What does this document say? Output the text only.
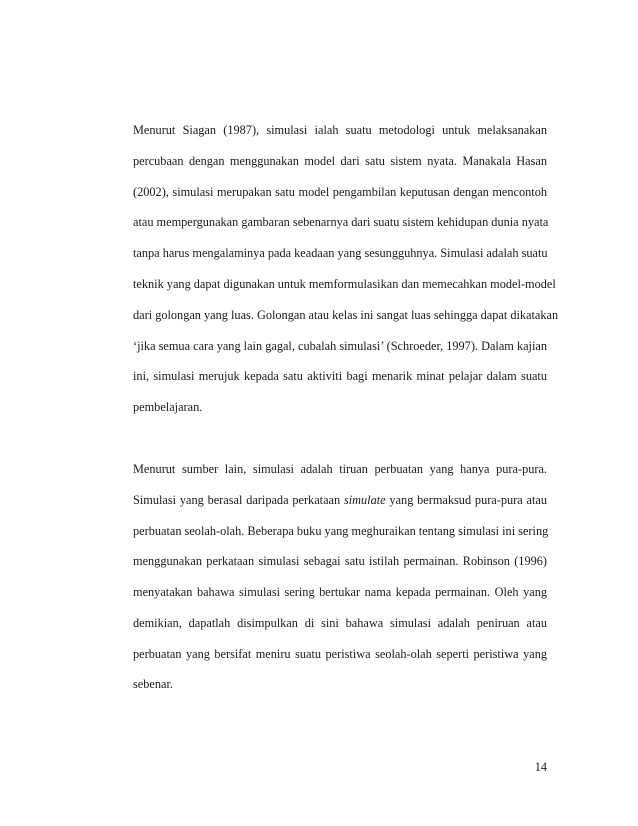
Menurut Siagan (1987), simulasi ialah suatu metodologi untuk melaksanakan
percubaan dengan menggunakan model dari satu sistem nyata. Manakala Hasan
(2002), simulasi merupakan satu model pengambilan keputusan dengan mencontoh
atau mempergunakan gambaran sebenarnya dari suatu sistem kehidupan dunia nyata
tanpa harus mengalaminya pada keadaan yang sesungguhnya. Simulasi adalah suatu
teknik yang dapat digunakan untuk memformulasikan dan memecahkan model-model
dari golongan yang luas. Golongan atau kelas ini sangat luas sehingga dapat dikatakan
‘jika semua cara yang lain gagal, cubalah simulasi’ (Schroeder, 1997). Dalam kajian
ini, simulasi merujuk kepada satu aktiviti bagi menarik minat pelajar dalam suatu
pembelajaran.
Menurut sumber lain, simulasi adalah tiruan perbuatan yang hanya pura-pura.
Simulasi yang berasal daripada perkataan simulate yang bermaksud pura-pura atau
perbuatan seolah-olah. Beberapa buku yang meghuraikan tentang simulasi ini sering
menggunakan perkataan simulasi sebagai satu istilah permainan. Robinson (1996)
menyatakan bahawa simulasi sering bertukar nama kepada permainan. Oleh yang
demikian, dapatlah disimpulkan di sini bahawa simulasi adalah peniruan atau
perbuatan yang bersifat meniru suatu peristiwa seolah-olah seperti peristiwa yang
sebenar.
14
